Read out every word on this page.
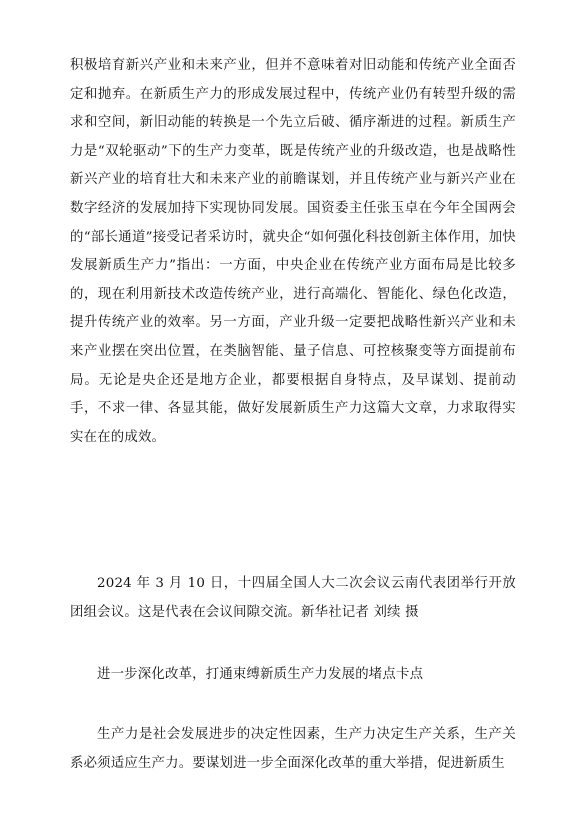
积极培育新兴产业和未来产业，但并不意味着对旧动能和传统产业全面否定和抛弃。在新质生产力的形成发展过程中，传统产业仍有转型升级的需求和空间，新旧动能的转换是一个先立后破、循序渐进的过程。新质生产力是“双轮驱动”下的生产力变革，既是传统产业的升级改造，也是战略性新兴产业的培育壮大和未来产业的前瞻谋划，并且传统产业与新兴产业在数字经济的发展加持下实现协同发展。国资委主任张玉卓在今年全国两会的“部长通道”接受记者采访时，就央企“如何强化科技创新主体作用，加快发展新质生产力”指出：一方面，中央企业在传统产业方面布局是比较多的，现在利用新技术改造传统产业，进行高端化、智能化、绿色化改造，提升传统产业的效率。另一方面，产业升级一定要把战略性新兴产业和未来产业摆在突出位置，在类脑智能、量子信息、可控核聚变等方面提前布局。无论是央企还是地方企业，都要根据自身特点，及早谋划、提前动手，不求一律、各显其能，做好发展新质生产力这篇大文章，力求取得实实在在的成效。

2024 年 3 月 10 日，十四届全国人大二次会议云南代表团举行开放团组会议。这是代表在会议间隙交流。新华社记者 刘续 摄

进一步深化改革，打通束缚新质生产力发展的堵点卡点

生产力是社会发展进步的决定性因素，生产力决定生产关系，生产关系必须适应生产力。要谋划进一步全面深化改革的重大举措，促进新质生
